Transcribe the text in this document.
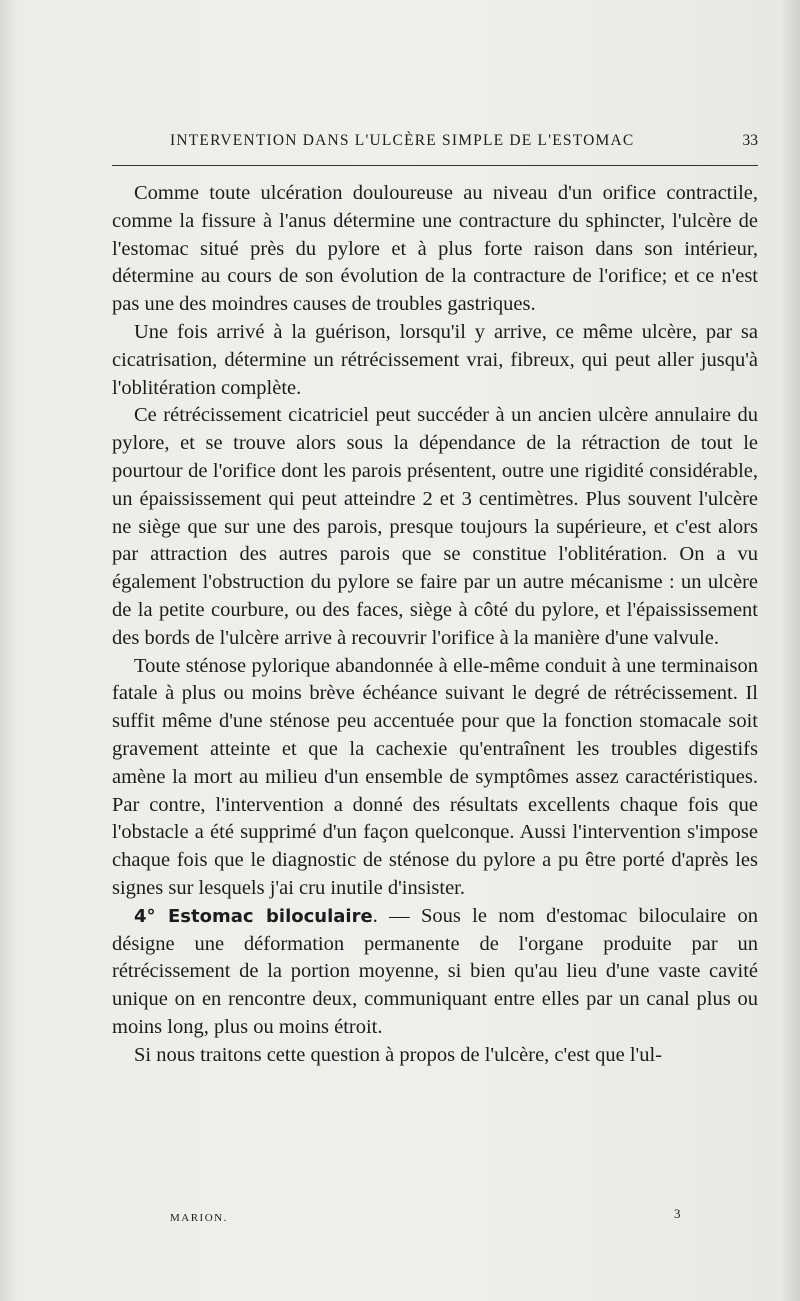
INTERVENTION DANS L'ULCÈRE SIMPLE DE L'ESTOMAC	33

Comme toute ulcération douloureuse au niveau d'un orifice contractile, comme la fissure à l'anus détermine une contracture du sphincter, l'ulcère de l'estomac situé près du pylore et à plus forte raison dans son intérieur, détermine au cours de son évolution de la contracture de l'orifice; et ce n'est pas une des moindres causes de troubles gastriques.

Une fois arrivé à la guérison, lorsqu'il y arrive, ce même ulcère, par sa cicatrisation, détermine un rétrécissement vrai, fibreux, qui peut aller jusqu'à l'oblitération complète.

Ce rétrécissement cicatriciel peut succéder à un ancien ulcère annulaire du pylore, et se trouve alors sous la dépendance de la rétraction de tout le pourtour de l'orifice dont les parois présentent, outre une rigidité considérable, un épaississement qui peut atteindre 2 et 3 centimètres. Plus souvent l'ulcère ne siège que sur une des parois, presque toujours la supérieure, et c'est alors par attraction des autres parois que se constitue l'oblitération. On a vu également l'obstruction du pylore se faire par un autre mécanisme : un ulcère de la petite courbure, ou des faces, siège à côté du pylore, et l'épaississement des bords de l'ulcère arrive à recouvrir l'orifice à la manière d'une valvule.

Toute sténose pylorique abandonnée à elle-même conduit à une terminaison fatale à plus ou moins brève échéance suivant le degré de rétrécissement. Il suffit même d'une sténose peu accentuée pour que la fonction stomacale soit gravement atteinte et que la cachexie qu'entraînent les troubles digestifs amène la mort au milieu d'un ensemble de symptômes assez caractéristiques. Par contre, l'intervention a donné des résultats excellents chaque fois que l'obstacle a été supprimé d'un façon quelconque. Aussi l'intervention s'impose chaque fois que le diagnostic de sténose du pylore a pu être porté d'après les signes sur lesquels j'ai cru inutile d'insister.

4° Estomac biloculaire. — Sous le nom d'estomac biloculaire on désigne une déformation permanente de l'organe produite par un rétrécissement de la portion moyenne, si bien qu'au lieu d'une vaste cavité unique on en rencontre deux, communiquant entre elles par un canal plus ou moins long, plus ou moins étroit.

Si nous traitons cette question à propos de l'ulcère, c'est que l'ul-

MARION.	3
